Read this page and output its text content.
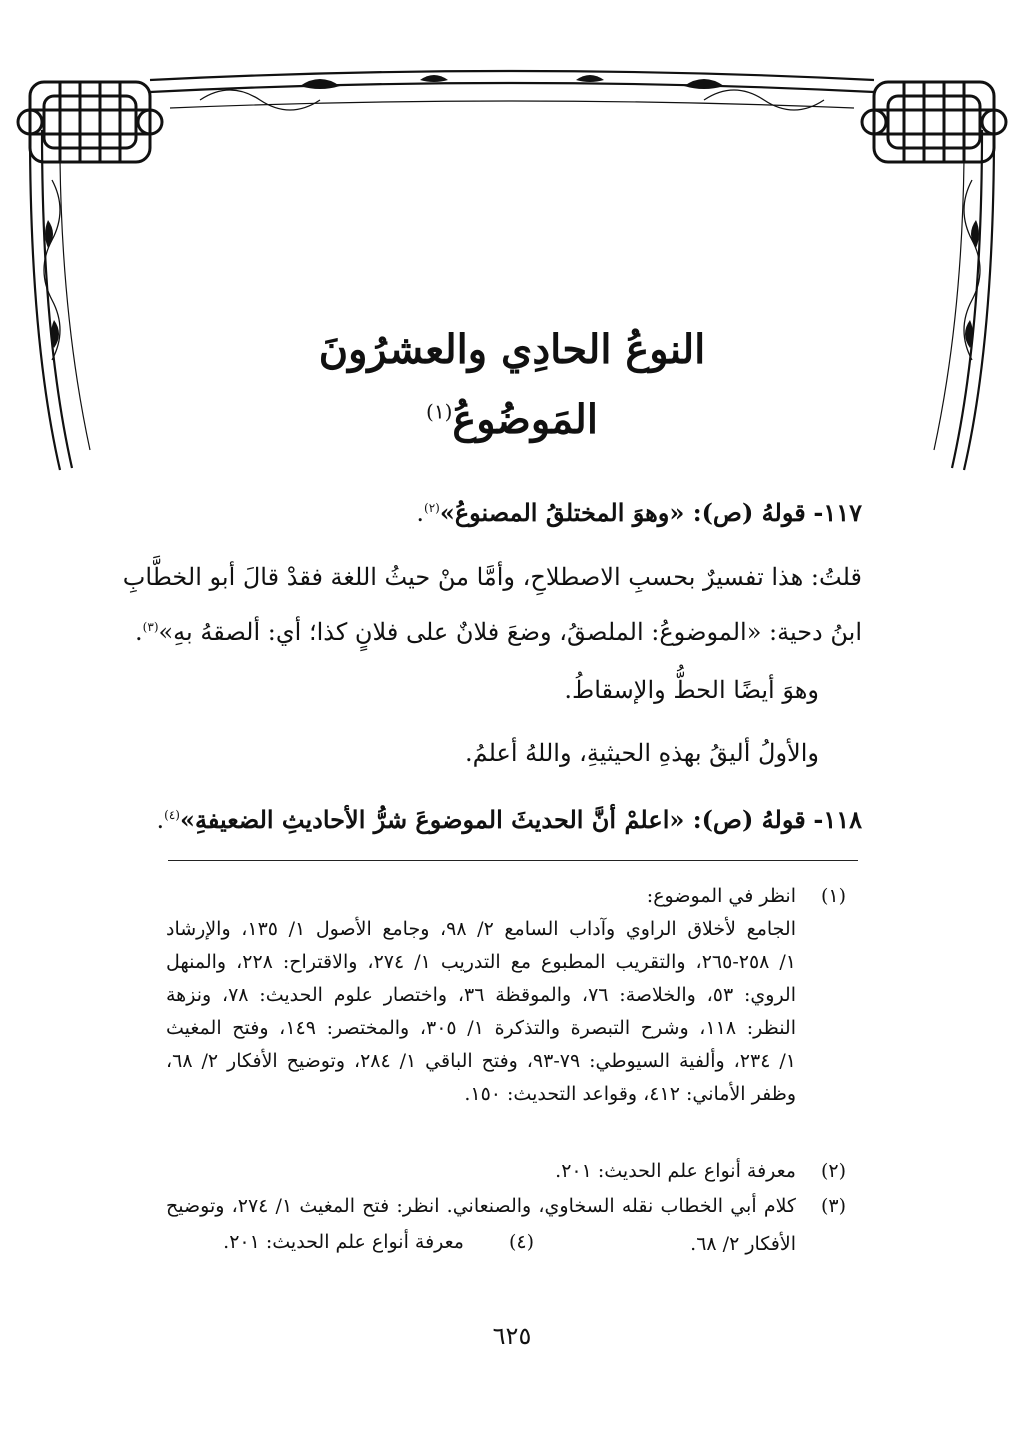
النوعُ الحادِي والعشرُونَ
المَوضُوعُ$^{(١)}$
١١٧- قولهُ (ص): «وهوَ المختلقُ المصنوعُ»$^{(٢)}$.
قلتُ: هذا تفسيرٌ بحسبِ الاصطلاحِ، وأمَّا منْ حيثُ اللغة فقدْ قالَ أبو الخطَّابِ
ابنُ دحية: «الموضوعُ: الملصقُ، وضعَ فلانٌ على فلانٍ كذا؛ أي: ألصقهُ بهِ»$^{(٣)}$.
وهوَ أيضًا الحطُّ والإسقاطُ.
والأولُ أليقُ بهذهِ الحيثيةِ، واللهُ أعلمُ.
١١٨- قولهُ (ص): «اعلمْ أنَّ الحديثَ الموضوعَ شرُّ الأحاديثِ الضعيفةِ»$^{(٤)}$.
(١)
انظر في الموضوع:
الجامع لأخلاق الراوي وآداب السامع ٢/ ٩٨، وجامع الأصول ١/ ١٣٥، والإرشاد
١/ ٢٥٨-٢٦٥، والتقريب المطبوع مع التدريب ١/ ٢٧٤، والاقتراح: ٢٢٨، والمنهل
الروي: ٥٣، والخلاصة: ٧٦، والموقظة ٣٦، واختصار علوم الحديث: ٧٨، ونزهة
النظر: ١١٨، وشرح التبصرة والتذكرة ١/ ٣٠٥، والمختصر: ١٤٩، وفتح المغيث
١/ ٢٣٤، وألفية السيوطي: ٧٩-٩٣، وفتح الباقي ١/ ٢٨٤، وتوضيح الأفكار ٢/ ٦٨،
وظفر الأماني: ٤١٢، وقواعد التحديث: ١٥٠.
(٢)
معرفة أنواع علم الحديث: ٢٠١.
(٣)
كلام أبي الخطاب نقله السخاوي، والصنعاني. انظر: فتح المغيث ١/ ٢٧٤، وتوضيح
الأفكار ٢/ ٦٨.
(٤)
معرفة أنواع علم الحديث: ٢٠١.
٦٢٥
